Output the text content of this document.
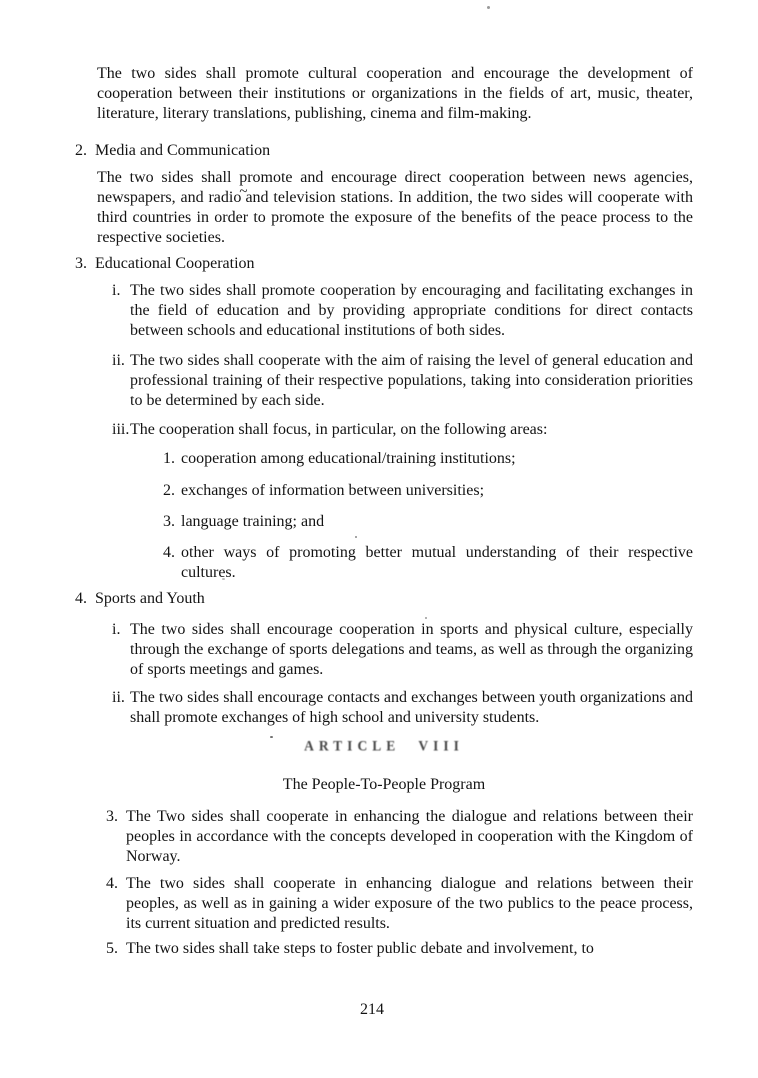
The two sides shall promote cultural cooperation and encourage the development of cooperation between their institutions or organizations in the fields of art, music, theater, literature, literary translations, publishing, cinema and film-making.

2. Media and Communication

The two sides shall promote and encourage direct cooperation between news agencies, newspapers, and radio~and television stations. In addition, the two sides will cooperate with third countries in order to promote the exposure of the benefits of the peace process to the respective societies.

3. Educational Cooperation
i. The two sides shall promote cooperation by encouraging and facilitating exchanges in the field of education and by providing appropriate conditions for direct contacts between schools and educational institutions of both sides.
ii. The two sides shall cooperate with the aim of raising the level of general education and professional training of their respective populations, taking into consideration priorities to be determined by each side.
iii. The cooperation shall focus, in particular, on the following areas:
1. cooperation among educational/training institutions;
2. exchanges of information between universities;
3. language training; and
4. other ways of promoting better mutual understanding of their respective cultures.
4. Sports and Youth
i. The two sides shall encourage cooperation in sports and physical culture, especially through the exchange of sports delegations and teams, as well as through the organizing of sports meetings and games.
ii. The two sides shall encourage contacts and exchanges between youth organizations and shall promote exchanges of high school and university students.
ARTICLE VIII
The People-To-People Program
3. The Two sides shall cooperate in enhancing the dialogue and relations between their peoples in accordance with the concepts developed in cooperation with the Kingdom of Norway.
4. The two sides shall cooperate in enhancing dialogue and relations between their peoples, as well as in gaining a wider exposure of the two publics to the peace process, its current situation and predicted results.
5. The two sides shall take steps to foster public debate and involvement, to
214
